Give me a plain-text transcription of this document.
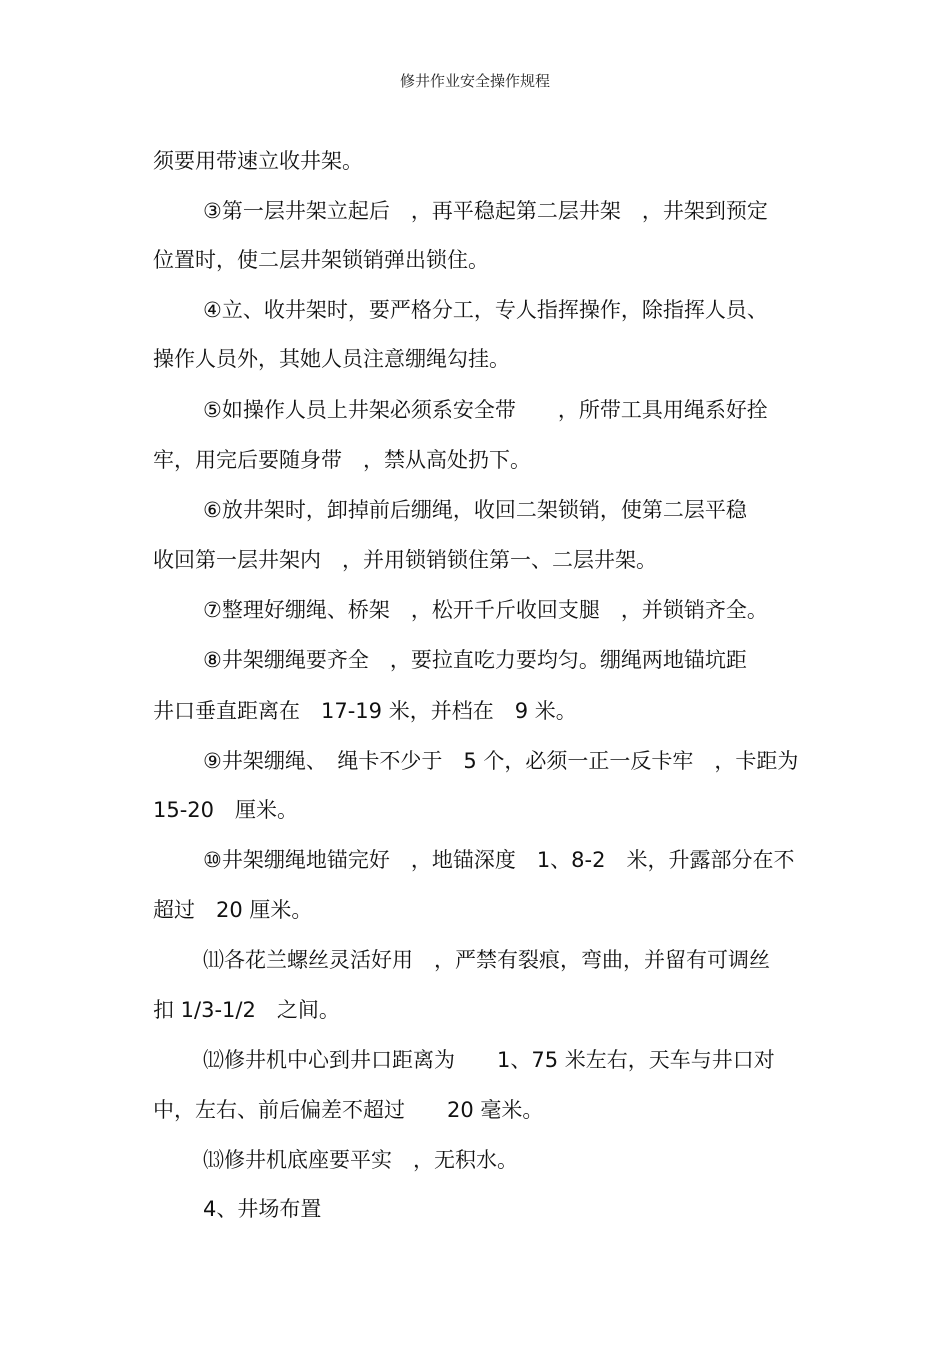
修井作业安全操作规程
须要用带速立收井架。
③第一层井架立起后　，再平稳起第二层井架　，井架到预定
位置时，使二层井架锁销弹出锁住。
④立、收井架时，要严格分工，专人指挥操作，除指挥人员、
操作人员外，其她人员注意绷绳勾挂。
⑤如操作人员上井架必须系安全带　　，所带工具用绳系好拴
牢，用完后要随身带　，禁从高处扔下。
⑥放井架时，卸掉前后绷绳，收回二架锁销，使第二层平稳
收回第一层井架内　，并用锁销锁住第一、二层井架。
⑦整理好绷绳、桥架　，松开千斤收回支腿　，并锁销齐全。
⑧井架绷绳要齐全　，要拉直吃力要均匀。绷绳两地锚坑距
井口垂直距离在　17-19 米，并档在　9 米。
⑨井架绷绳、　绳卡不少于　5 个，必须一正一反卡牢　，卡距为
15-20　厘米。
⑩井架绷绳地锚完好　，地锚深度　1、8-2　米，升露部分在不
超过　20 厘米。
⑾各花兰螺丝灵活好用　，严禁有裂痕，弯曲，并留有可调丝
扣 1/3-1/2　之间。
⑿修井机中心到井口距离为　　1、75 米左右，天车与井口对
中，左右、前后偏差不超过　　20 毫米。
⒀修井机底座要平实　，无积水。
4、井场布置
